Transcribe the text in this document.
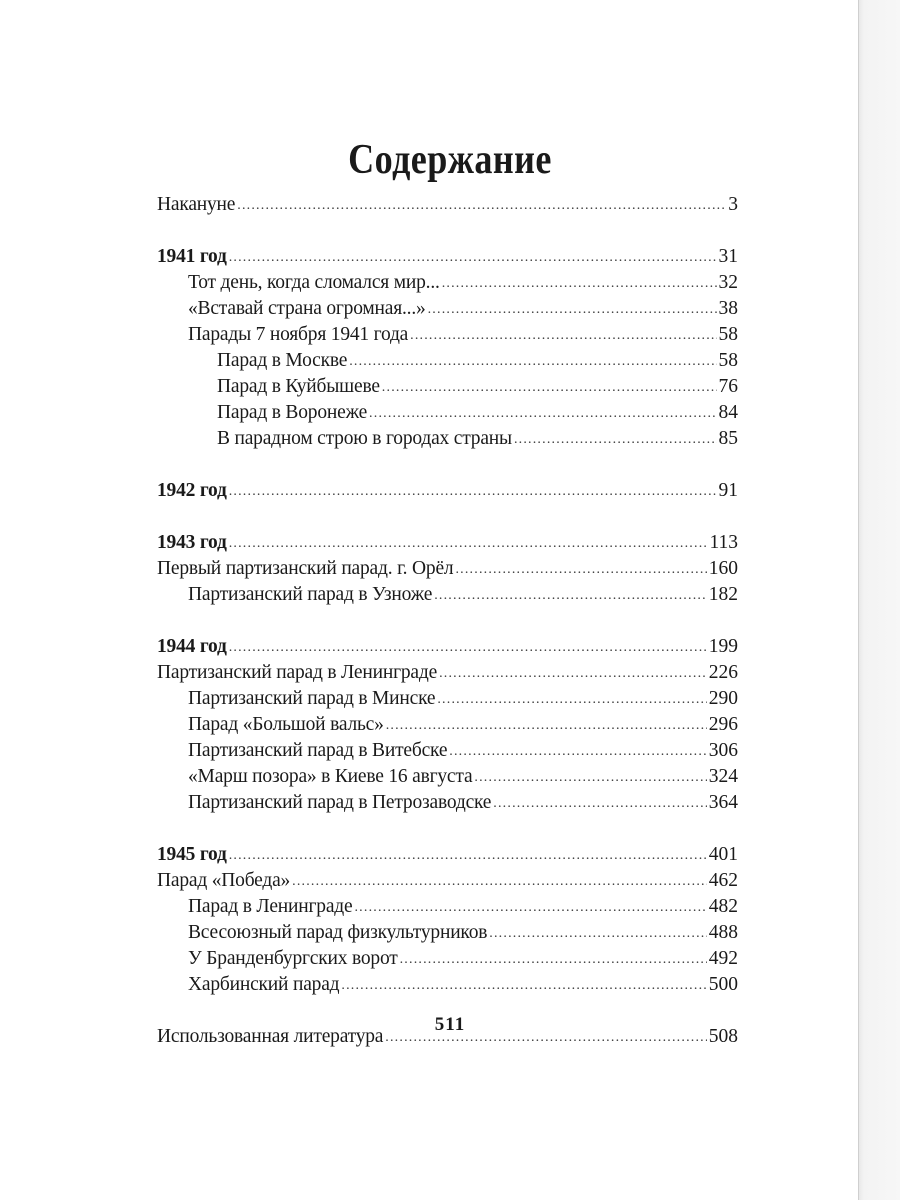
Содержание
Накануне .....	3
1941 год .....	31
Тот день, когда сломался мир... .....	32
«Вставай страна огромная...» .....	38
Парады 7 ноября 1941 года .....	58
Парад в Москве .....	58
Парад в Куйбышеве .....	76
Парад в Воронеже .....	84
В парадном строю в городах страны .....	85
1942 год .....	91
1943 год .....	113
Первый партизанский парад. г. Орёл .....	160
Партизанский парад в Узноже .....	182
1944 год .....	199
Партизанский парад в Ленинграде .....	226
Партизанский парад в Минске .....	290
Парад «Большой вальс» .....	296
Партизанский парад в Витебске .....	306
«Марш позора» в Киеве 16 августа .....	324
Партизанский парад в Петрозаводске .....	364
1945 год .....	401
Парад «Победа» .....	462
Парад в Ленинграде .....	482
Всесоюзный парад физкультурников .....	488
У Бранденбургских ворот .....	492
Харбинский парад .....	500
Использованная литература .....	508
511
